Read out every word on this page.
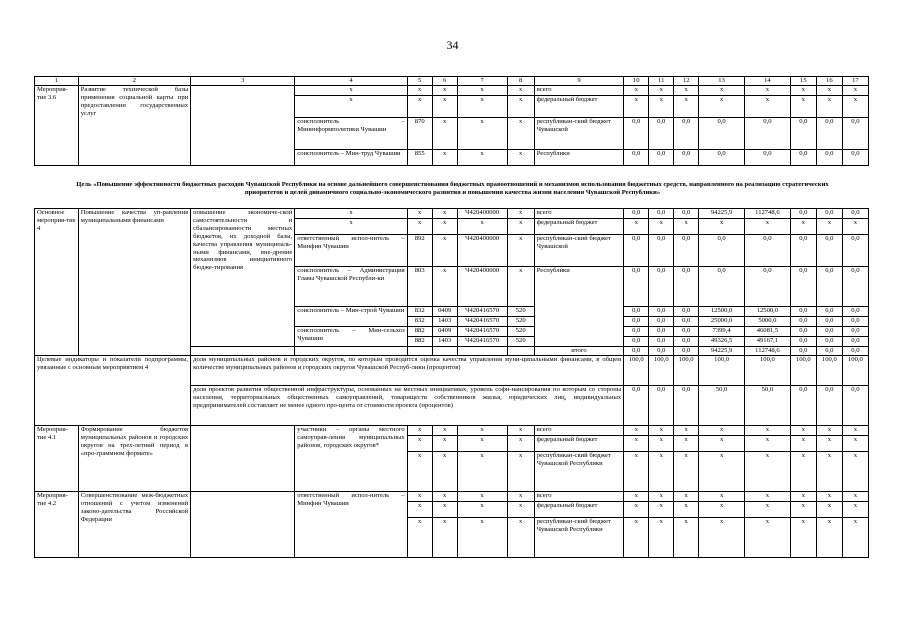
34
1	2	3	4	5	6	7	8	9	10	11	12	13	14	15	16	17
Мероприя-тие 3.6	Развитие технической базы применения социальной карты при предоставлении государственных услуг		х	х	х	х	х	всего	х	х	х	х	х	х	х	х
			х	х	х	х	х	федеральный бюджет	х	х	х	х	х	х	х	х
			соисполнитель – Мининформполитики Чувашии	870	х	х	х	республикан-ский бюджет Чувашской	0,0	0,0	0,0	0,0	0,0	0,0	0,0	0,0
			соисполнитель – Мин-труд Чувашии	855	х	х	х	Республики	0,0	0,0	0,0	0,0	0,0	0,0	0,0	0,0
Цель «Повышение эффективности бюджетных расходов Чувашской Республики на основе дальнейшего совершенствования бюджетных правоотношений и механизмов использования бюджетных средств, направленного на реализацию стратегических приоритетов и целей динамичного социально-экономического развития и повышения качества жизни населения Чувашской Республики»
Основное мероприя-тие 4	Повышение качества уп-равления муниципальными финансами	повышение экономиче-ской самостоятельности и сбалансированности местных бюджетов, их доходной базы, качества управления муниципаль-ными финансами, вне-дрение механизмов инициативного бюдже-тирования	х	х	х	Ч420400000	х	всего	0,0	0,0	0,0	94225,9	112748,6	0,0	0,0	0,0
			х	х	х	х	х	федеральный бюджет	х	х	х	х	х	х	х	х
			ответственный испол-нитель – Минфин Чувашии	892	х	Ч420400000	х	республикан-ский бюджет Чувашской	0,0	0,0	0,0	0,0	0,0	0,0	0,0	0,0
			соисполнитель – Администрация Главы Чувашской Республи-ки	803	х	Ч420400000	х	Республики	0,0	0,0	0,0	0,0	0,0	0,0	0,0	0,0
			соисполнитель – Мин-строй Чувашии	832	0409	Ч420416570	520		0,0	0,0	0,0	12500,0	12500,0	0,0	0,0	0,0
				832	1403	Ч420416570	520		0,0	0,0	0,0	25000,0	5000,0	0,0	0,0	0,0
			соисполнитель – Мин-сельхоз Чувашии	882	0409	Ч420416570	520		0,0	0,0	0,0	7399,4	46081,5	0,0	0,0	0,0
				882	1403	Ч420416570	520		0,0	0,0	0,0	49326,5	49167,1	0,0	0,0	0,0
								итого	0,0	0,0	0,0	94225,9	112748,6	0,0	0,0	0,0
Целевые индикаторы и показатели подпрограммы, увязанные с основным мероприятием 4		доля муниципальных районов и городских округов, по которым проводится оценка качества управления муни-ципальными финансами, в общем количестве муниципальных районов и городских округов Чувашской Респуб-лики (процентов)							100,0	100,0	100,0	100,0	100,0	100,0	100,0	100,0
		доля проектов развития общественной инфраструктуры, основанных на местных инициативах, уровень софи-нансирования по которым со стороны населения, территориальных общественных самоуправлений, товариществ собственников жилья, юридических лиц, индивидуальных предпринимателей составляет не менее одного про-цента от стоимости проекта (процентов)							0,0	0,0	0,0	50,0	50,0	0,0	0,0	0,0
Мероприя-тие 4.1	Формирование бюджетов муниципальных районов и городских округов на трех-летний период в «про-граммном формате»		участники – органы местного самоуправ-ления муниципальных районов, городских округов*	х	х	х	х	всего	х	х	х	х	х	х	х	х
				х	х	х	х	федеральный бюджет	х	х	х	х	х	х	х	х
				х	х	х	х	республикан-ский бюджет Чувашской Республики	х	х	х	х	х	х	х	х
Мероприя-тие 4.2	Совершенствование меж-бюджетных отношений с учетом изменений законо-дательства Российской Федерации		ответственный испол-нитель – Минфин Чувашии	х	х	х	х	всего	х	х	х	х	х	х	х	х
				х	х	х	х	федеральный бюджет	х	х	х	х	х	х	х	х
				х	х	х	х	республикан-ский бюджет Чувашской Республики	х	х	х	х	х	х	х	х
